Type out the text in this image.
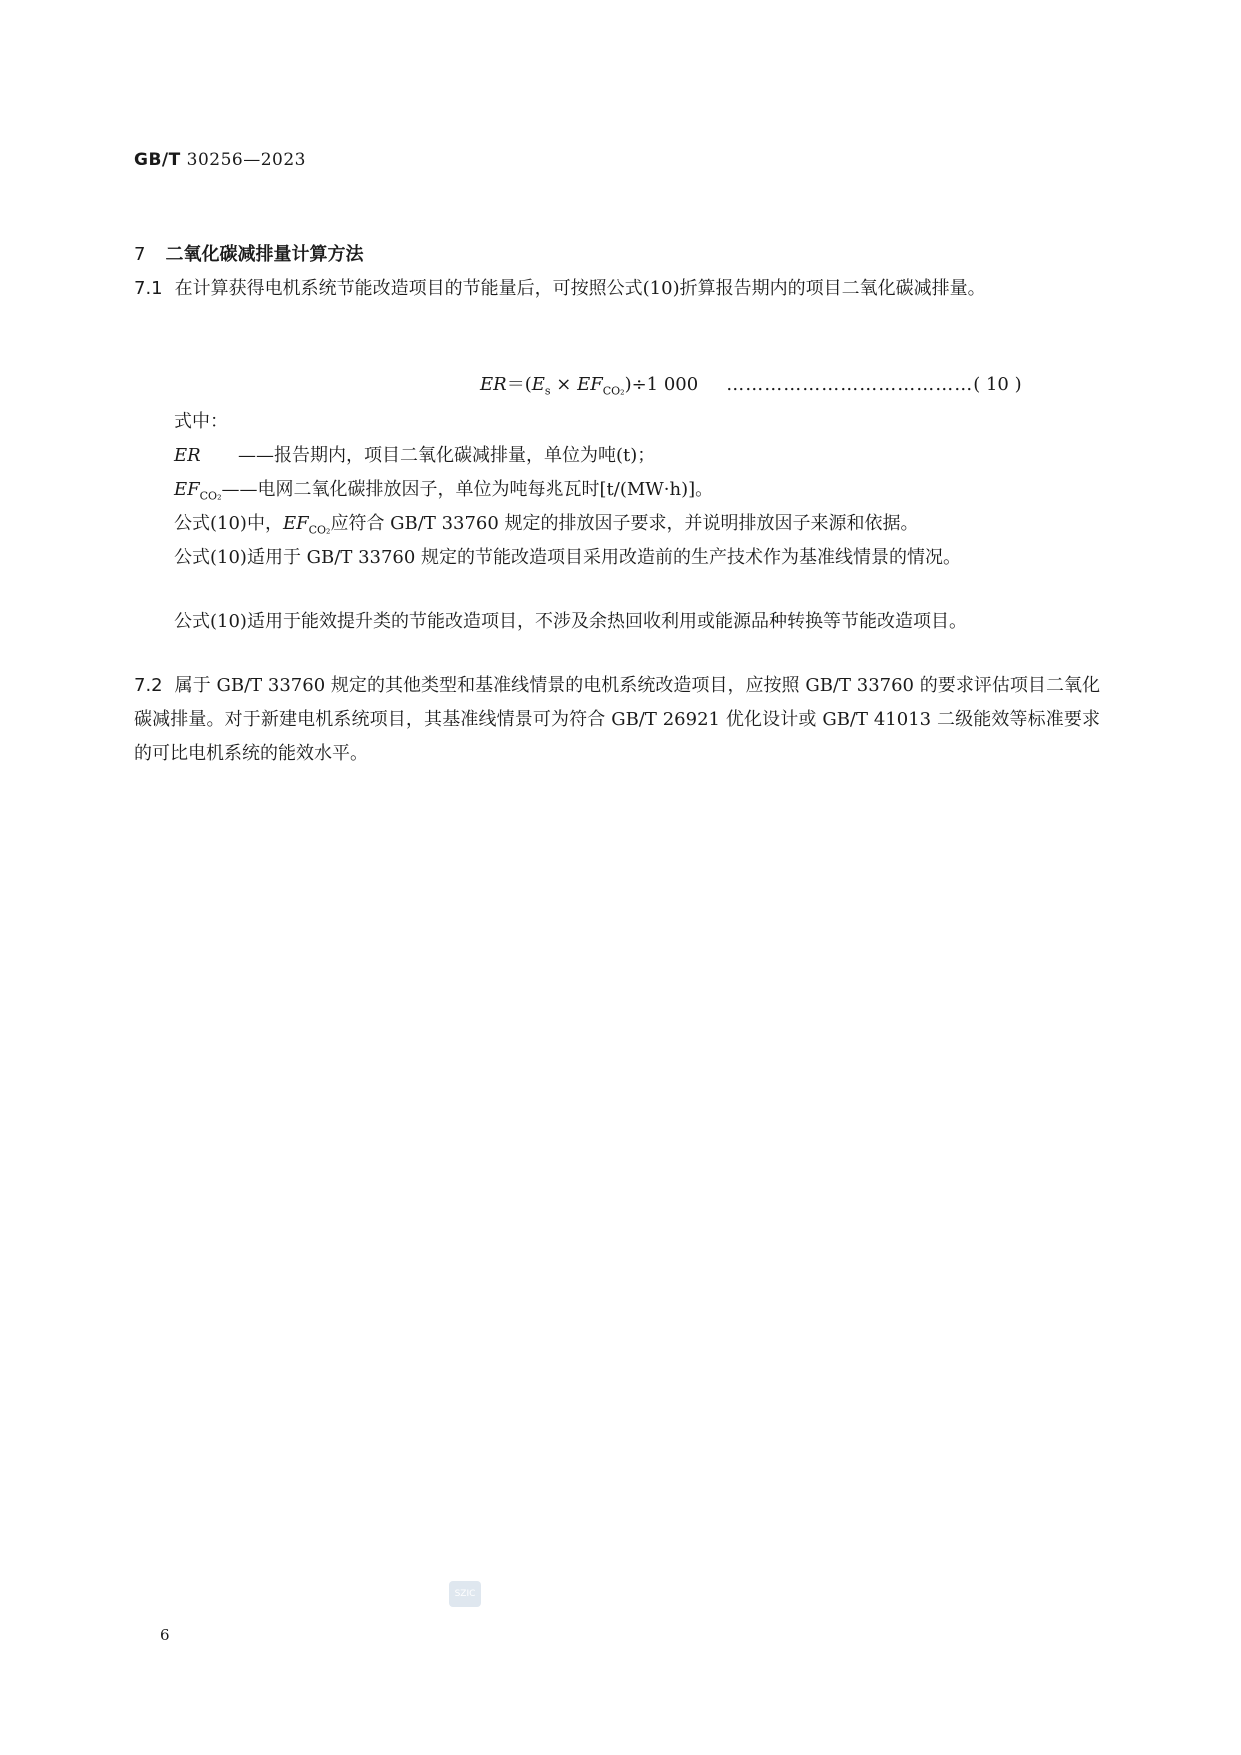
GB/T 30256—2023
7 二氧化碳减排量计算方法
7.1 在计算获得电机系统节能改造项目的节能量后，可按照公式(10)折算报告期内的项目二氧化碳减排量。
$ER=(E_s \times EF_{CO_2})\div 1$ 000 …………………………………( 10 )
式中：
ER ——报告期内，项目二氧化碳减排量，单位为吨(t)；
$EF_{CO_2}——$电网二氧化碳排放因子，单位为吨每兆瓦时[t/(MW·h)]。
公式(10)中，$EF_{CO_2}$应符合 GB/T 33760 规定的排放因子要求，并说明排放因子来源和依据。
公式(10)适用于 GB/T 33760 规定的节能改造项目采用改造前的生产技术作为基准线情景的情况。
公式(10)适用于能效提升类的节能改造项目，不涉及余热回收利用或能源品种转换等节能改造项目。
7.2 属于 GB/T 33760 规定的其他类型和基准线情景的电机系统改造项目，应按照 GB/T 33760 的要求评估项目二氧化碳减排量。对于新建电机系统项目，其基准线情景可为符合 GB/T 26921 优化设计或 GB/T 41013 二级能效等标准要求的可比电机系统的能效水平。
SZIC
6
